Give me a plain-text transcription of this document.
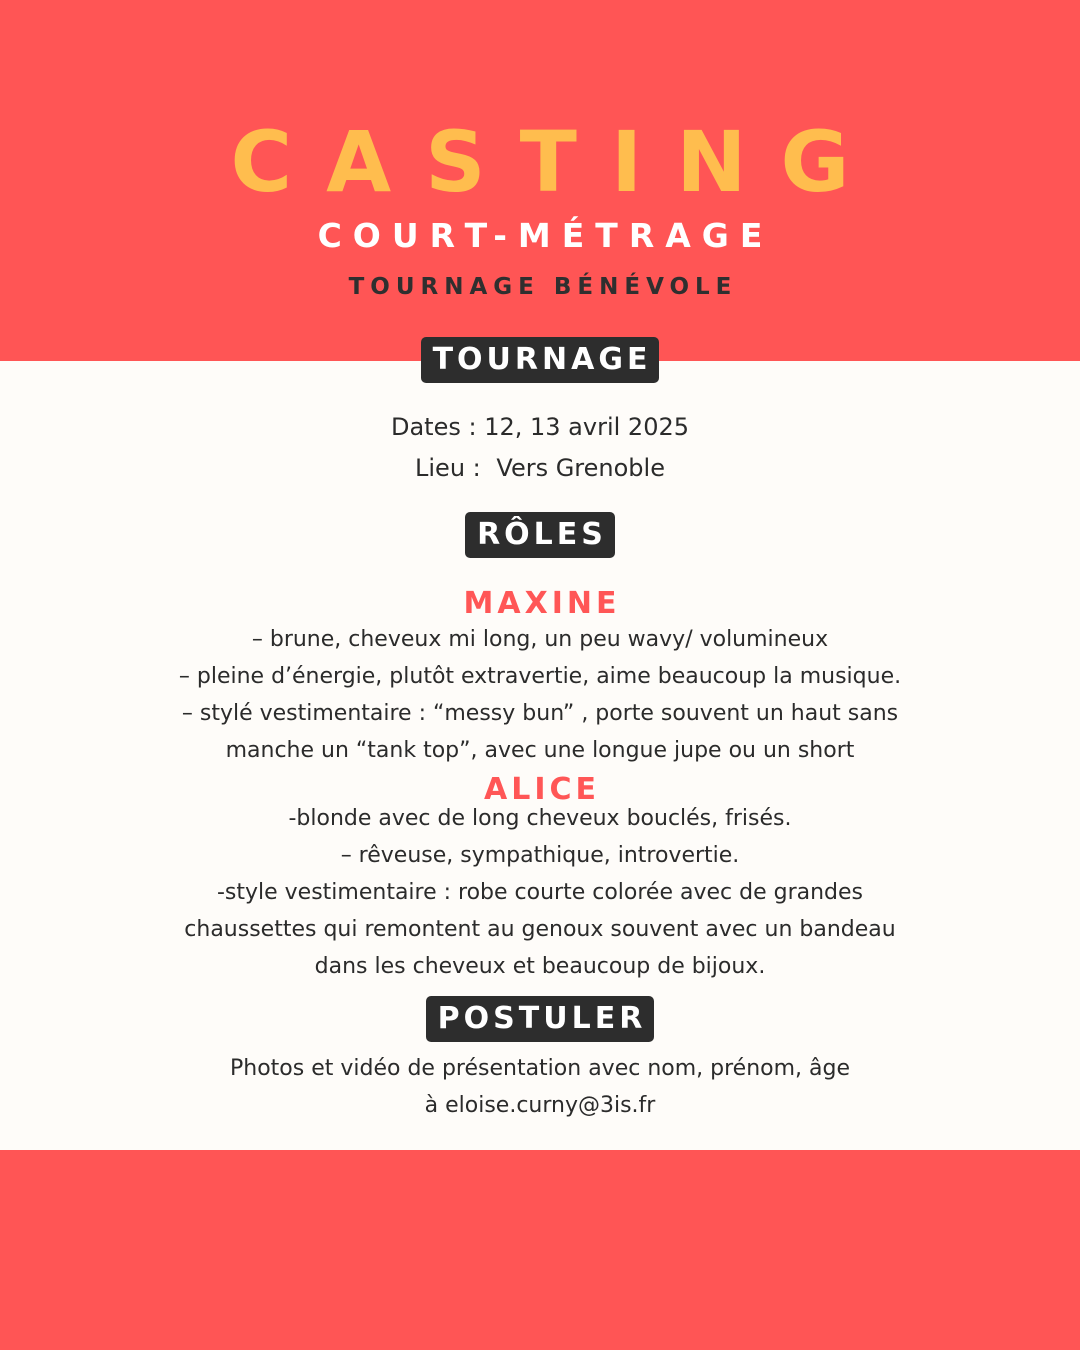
CASTING
COURT-MÉTRAGE
TOURNAGE BÉNÉVOLE
TOURNAGE
Dates : 12, 13 avril 2025
Lieu : Vers Grenoble
RÔLES
MAXINE
– brune, cheveux mi long, un peu wavy/ volumineux
– pleine d’énergie, plutôt extravertie, aime beaucoup la musique.
– stylé vestimentaire : “messy bun” , porte souvent un haut sans
manche un “tank top”, avec une longue jupe ou un short
ALICE
-blonde avec de long cheveux bouclés, frisés.
– rêveuse, sympathique, introvertie.
-style vestimentaire : robe courte colorée avec de grandes
chaussettes qui remontent au genoux souvent avec un bandeau
dans les cheveux et beaucoup de bijoux.
POSTULER
Photos et vidéo de présentation avec nom, prénom, âge
à eloise.curny@3is.fr
